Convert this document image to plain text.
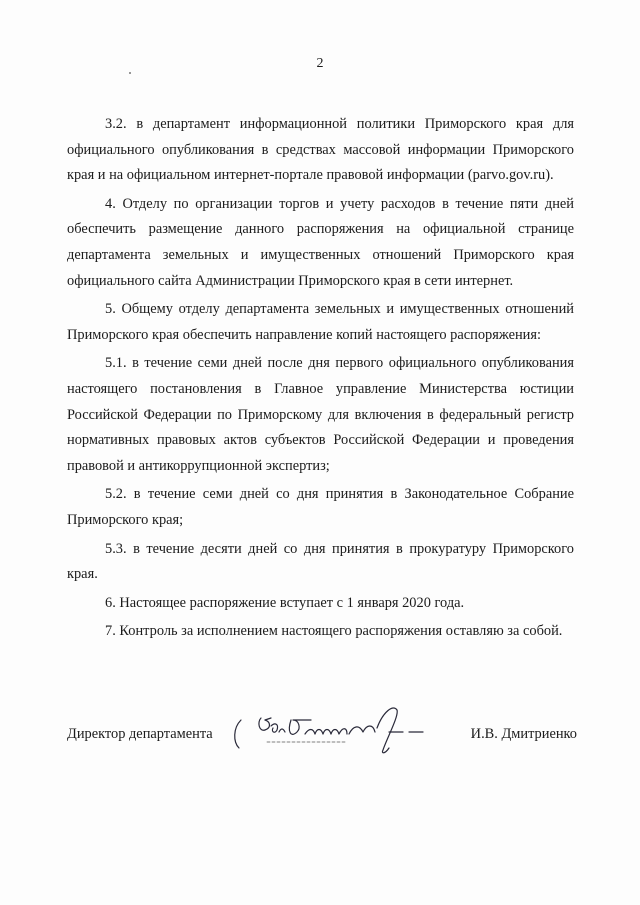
2

3.2. в департамент информационной политики Приморского края для официального опубликования в средствах массовой информации Приморского края и на официальном интернет-портале правовой информации (parvo.gov.ru).

4. Отделу по организации торгов и учету расходов в течение пяти дней обеспечить размещение данного распоряжения на официальной странице департамента земельных и имущественных отношений Приморского края официального сайта Администрации Приморского края в сети интернет.

5. Общему отделу департамента земельных и имущественных отношений Приморского края обеспечить направление копий настоящего распоряжения:

5.1. в течение семи дней после дня первого официального опубликования настоящего постановления в Главное управление Министерства юстиции Российской Федерации по Приморскому для включения в федеральный регистр нормативных правовых актов субъектов Российской Федерации и проведения правовой и антикоррупционной экспертиз;

5.2. в течение семи дней со дня принятия в Законодательное Собрание Приморского края;

5.3. в течение десяти дней со дня принятия в прокуратуру Приморского края.

6. Настоящее распоряжение вступает с 1 января 2020 года.

7. Контроль за исполнением настоящего распоряжения оставляю за собой.

Директор департамента	И.В. Дмитриенко
